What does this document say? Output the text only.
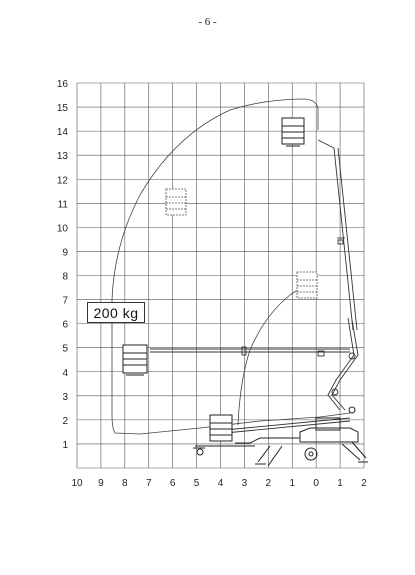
- 6 -
1
2
3
4
5
6
7
8
9
10
11
12
13
14
15
16
10 9 8 7 6 5 4 3 2 1 0 1 2
200 kg
